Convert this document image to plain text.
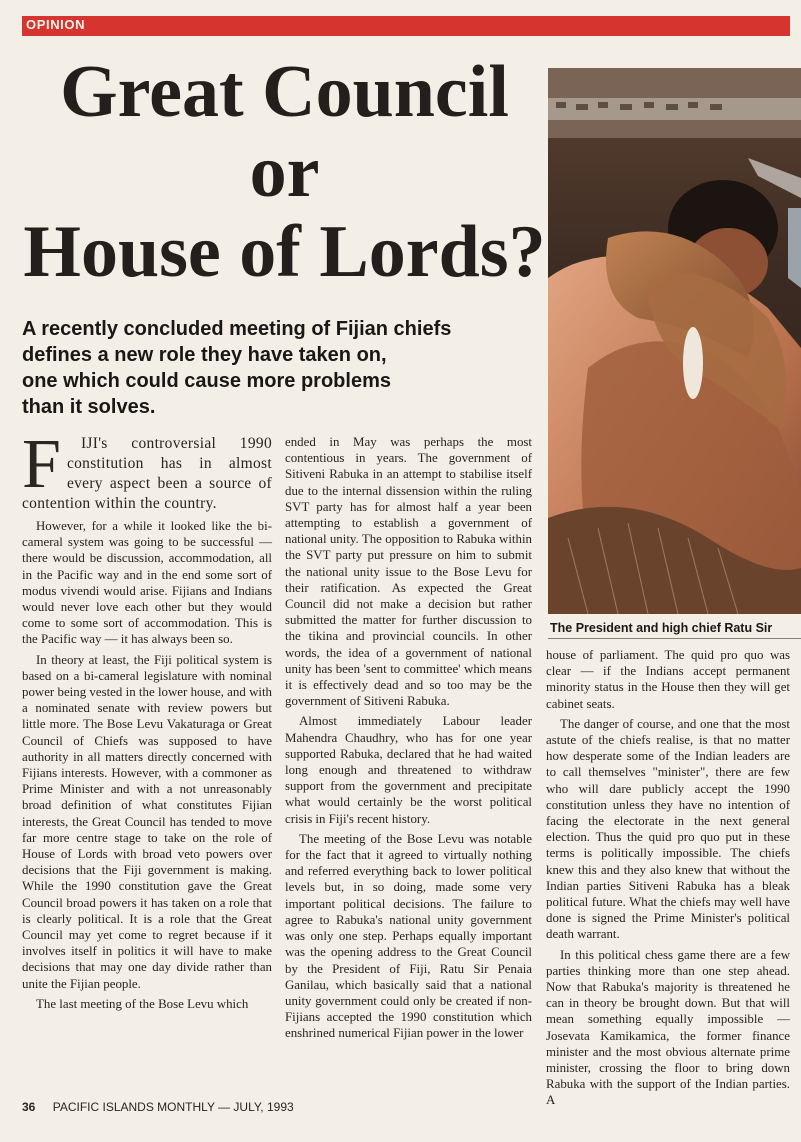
OPINION
Great Council
or
House of Lords?
A recently concluded meeting of Fijian chiefs
defines a new role they have taken on,
one which could cause more problems
than it solves.
The President and high chief Ratu Sir
F	IJI's controversial 1990 constitution has in almost every aspect been a source of contention within the country.

However, for a while it looked like the bi-cameral system was going to be successful — there would be discussion, accommodation, all in the Pacific way and in the end some sort of modus vivendi would arise. Fijians and Indians would never love each other but they would come to some sort of accommodation. This is the Pacific way — it has always been so.

In theory at least, the Fiji political system is based on a bi-cameral legislature with nominal power being vested in the lower house, and with a nominated senate with review powers but little more. The Bose Levu Vakaturaga or Great Council of Chiefs was supposed to have authority in all matters directly concerned with Fijians interests. However, with a commoner as Prime Minister and with a not unreasonably broad definition of what constitutes Fijian interests, the Great Council has tended to move far more centre stage to take on the role of House of Lords with broad veto powers over decisions that the Fiji government is making. While the 1990 constitution gave the Great Council broad powers it has taken on a role that is clearly political. It is a role that the Great Council may yet come to regret because if it involves itself in politics it will have to make decisions that may one day divide rather than unite the Fijian people.

The last meeting of the Bose Levu which

ended in May was perhaps the most contentious in years. The government of Sitiveni Rabuka in an attempt to stabilise itself due to the internal dissension within the ruling SVT party has for almost half a year been attempting to establish a government of national unity. The opposition to Rabuka within the SVT party put pressure on him to submit the national unity issue to the Bose Levu for their ratification. As expected the Great Council did not make a decision but rather submitted the matter for further discussion to the tikina and provincial councils. In other words, the idea of a government of national unity has been 'sent to committee' which means it is effectively dead and so too may be the government of Sitiveni Rabuka.

Almost immediately Labour leader Mahendra Chaudhry, who has for one year supported Rabuka, declared that he had waited long enough and threatened to withdraw support from the government and precipitate what would certainly be the worst political crisis in Fiji's recent history.

The meeting of the Bose Levu was notable for the fact that it agreed to virtually nothing and referred everything back to lower political levels but, in so doing, made some very important political decisions. The failure to agree to Rabuka's national unity government was only one step. Perhaps equally important was the opening address to the Great Council by the President of Fiji, Ratu Sir Penaia Ganilau, which basically said that a national unity government could only be created if non-Fijians accepted the 1990 constitution which enshrined numerical Fijian power in the lower

house of parliament. The quid pro quo was clear — if the Indians accept permanent minority status in the House then they will get cabinet seats.

The danger of course, and one that the most astute of the chiefs realise, is that no matter how desperate some of the Indian leaders are to call themselves "minister", there are few who will dare publicly accept the 1990 constitution unless they have no intention of facing the electorate in the next general election. Thus the quid pro quo put in these terms is politically impossible. The chiefs knew this and they also knew that without the Indian parties Sitiveni Rabuka has a bleak political future. What the chiefs may well have done is signed the Prime Minister's political death warrant.

In this political chess game there are a few parties thinking more than one step ahead. Now that Rabuka's majority is threatened he can in theory be brought down. But that will mean something equally impossible — Josevata Kamikamica, the former finance minister and the most obvious alternate prime minister, crossing the floor to bring down Rabuka with the support of the Indian parties. A

36 PACIFIC ISLANDS MONTHLY — JULY, 1993
